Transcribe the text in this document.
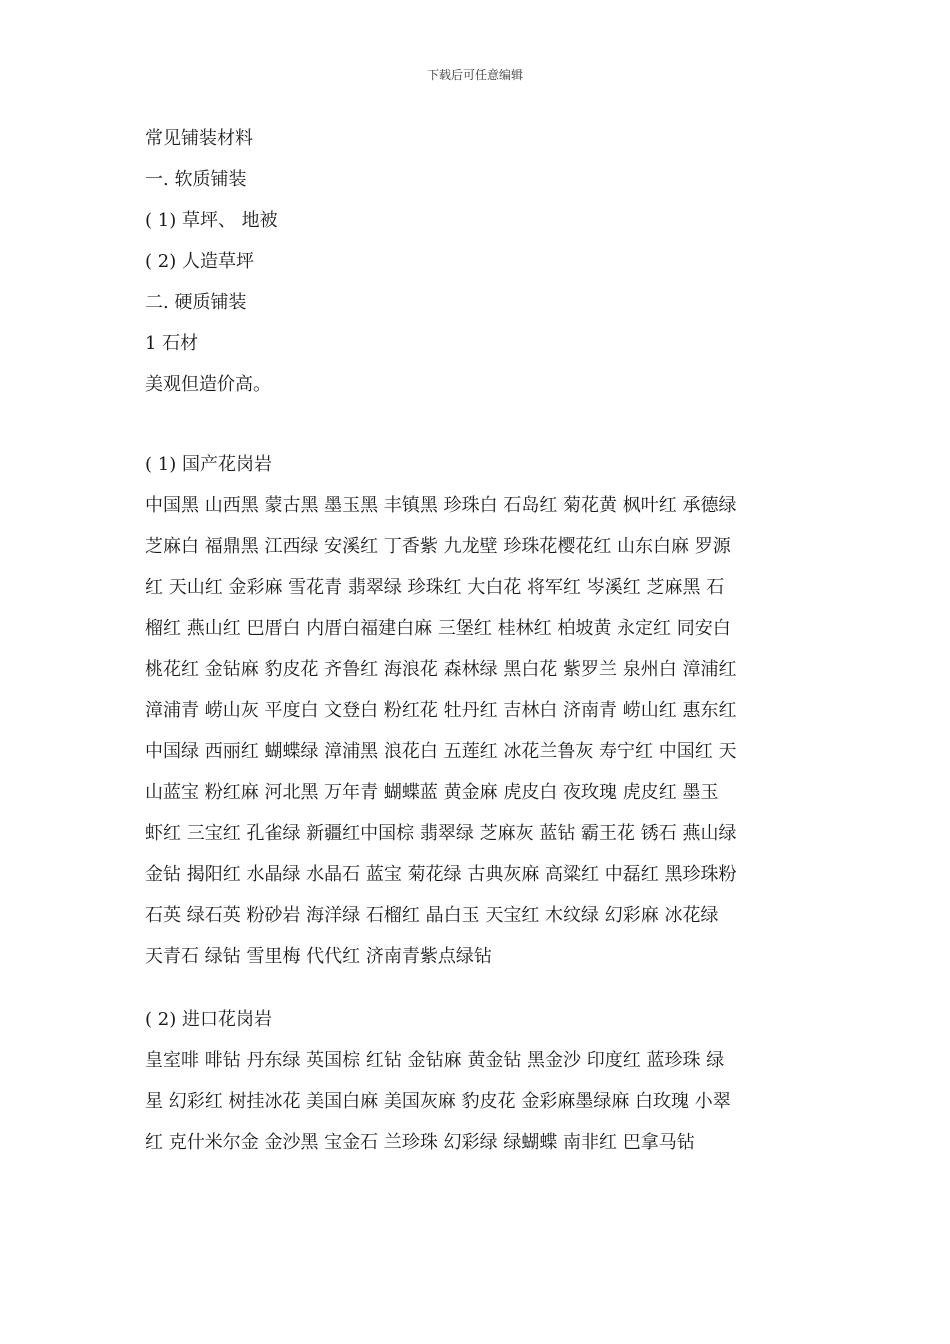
下载后可任意编辑
常见铺装材料
一. 软质铺装
( 1) 草坪、 地被
( 2) 人造草坪
二. 硬质铺装
1 石材
美观但造价高。
( 1) 国产花岗岩
中国黑 山西黑 蒙古黑 墨玉黑 丰镇黑 珍珠白 石岛红 菊花黄 枫叶红 承德绿
芝麻白 福鼎黑 江西绿 安溪红 丁香紫 九龙壁 珍珠花樱花红 山东白麻 罗源
红 天山红 金彩麻 雪花青 翡翠绿 珍珠红 大白花 将军红 岑溪红 芝麻黑 石
榴红 燕山红 巴厝白 内厝白福建白麻 三堡红 桂林红 柏坡黄 永定红 同安白
桃花红 金钻麻 豹皮花 齐鲁红 海浪花 森林绿 黑白花 紫罗兰 泉州白 漳浦红
漳浦青 崂山灰 平度白 文登白 粉红花 牡丹红 吉林白 济南青 崂山红 惠东红
中国绿 西丽红 蝴蝶绿 漳浦黑 浪花白 五莲红 冰花兰鲁灰 寿宁红 中国红 天
山蓝宝 粉红麻 河北黑 万年青 蝴蝶蓝 黄金麻 虎皮白 夜玫瑰 虎皮红 墨玉
虾红 三宝红 孔雀绿 新疆红中国棕 翡翠绿 芝麻灰 蓝钻 霸王花 锈石 燕山绿
金钻 揭阳红 水晶绿 水晶石 蓝宝 菊花绿 古典灰麻 高粱红 中磊红 黑珍珠粉
石英 绿石英 粉砂岩 海洋绿 石榴红 晶白玉 天宝红 木纹绿 幻彩麻 冰花绿
天青石 绿钻 雪里梅 代代红 济南青紫点绿钻
( 2) 进口花岗岩
皇室啡 啡钻 丹东绿 英国棕 红钻 金钻麻 黄金钻 黑金沙 印度红 蓝珍珠 绿
星 幻彩红 树挂冰花 美国白麻 美国灰麻 豹皮花 金彩麻墨绿麻 白玫瑰 小翠
红 克什米尔金 金沙黑 宝金石 兰珍珠 幻彩绿 绿蝴蝶 南非红 巴拿马钻
